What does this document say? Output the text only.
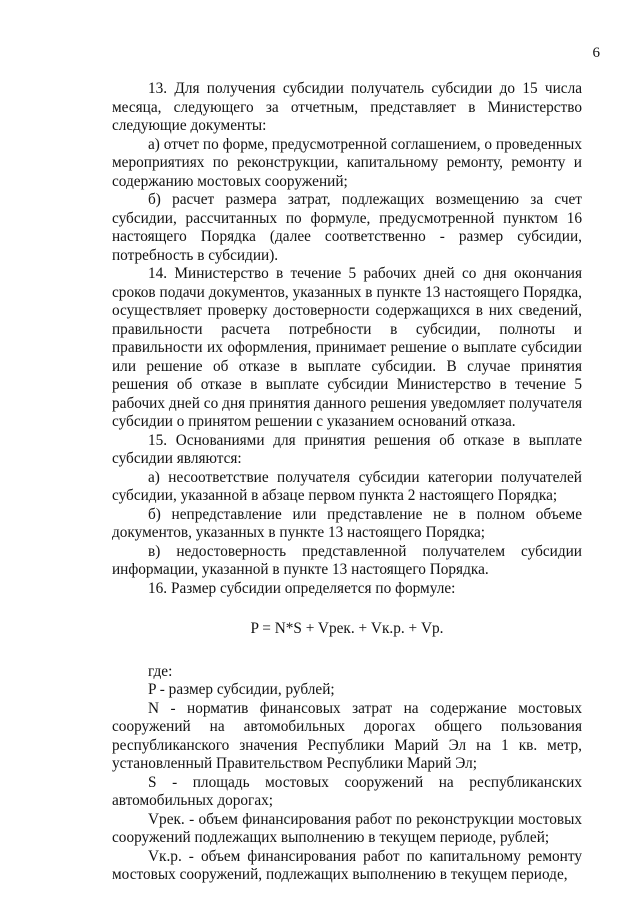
6

13. Для получения субсидии получатель субсидии до 15 числа месяца, следующего за отчетным, представляет в Министерство следующие документы:

а) отчет по форме, предусмотренной соглашением, о проведенных мероприятиях по реконструкции, капитальному ремонту, ремонту и содержанию мостовых сооружений;

б) расчет размера затрат, подлежащих возмещению за счет субсидии, рассчитанных по формуле, предусмотренной пунктом 16 настоящего Порядка (далее соответственно - размер субсидии, потребность в субсидии).

14. Министерство в течение 5 рабочих дней со дня окончания сроков подачи документов, указанных в пункте 13 настоящего Порядка, осуществляет проверку достоверности содержащихся в них сведений, правильности расчета потребности в субсидии, полноты и правильности их оформления, принимает решение о выплате субсидии или решение об отказе в выплате субсидии. В случае принятия решения об отказе в выплате субсидии Министерство в течение 5 рабочих дней со дня принятия данного решения уведомляет получателя субсидии о принятом решении с указанием оснований отказа.

15. Основаниями для принятия решения об отказе в выплате субсидии являются:

а) несоответствие получателя субсидии категории получателей субсидии, указанной в абзаце первом пункта 2 настоящего Порядка;

б) непредставление или представление не в полном объеме документов, указанных в пункте 13 настоящего Порядка;

в) недостоверность представленной получателем субсидии информации, указанной в пункте 13 настоящего Порядка.

16. Размер субсидии определяется по формуле:

P = N*S + Vрек. + Vк.р. + Vр.

где:

P - размер субсидии, рублей;

N - норматив финансовых затрат на содержание мостовых сооружений на автомобильных дорогах общего пользования республиканского значения Республики Марий Эл на 1 кв. метр, установленный Правительством Республики Марий Эл;

S - площадь мостовых сооружений на республиканских автомобильных дорогах;

Vрек. - объем финансирования работ по реконструкции мостовых сооружений подлежащих выполнению в текущем периоде, рублей;

Vк.р. - объем финансирования работ по капитальному ремонту мостовых сооружений, подлежащих выполнению в текущем периоде,
